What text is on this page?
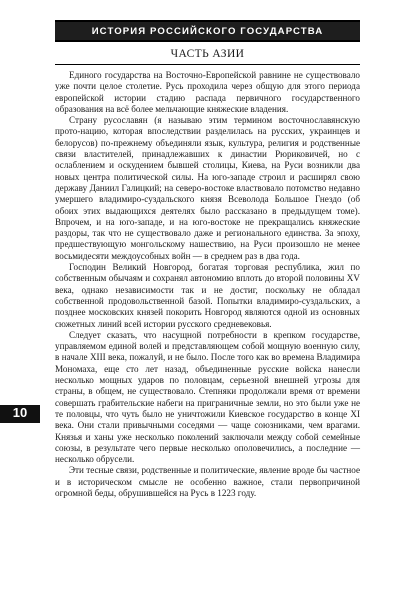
ИСТОРИЯ РОССИЙСКОГО ГОСУДАРСТВА
ЧАСТЬ АЗИИ

Единого государства на Восточно-Европейской равнине не существовало уже почти целое столетие. Русь проходила через общую для этого периода европейской истории стадию распада первичного государственного образования на всё более мельчающие княжеские владения.

Страну русославян (я называю этим термином восточнославянскую прото-нацию, которая впоследствии разделилась на русских, украинцев и белорусов) по-прежнему объединяли язык, культура, религия и родственные связи властителей, принадлежавших к династии Рюриковичей, но с ослаблением и оскудением бывшей столицы, Киева, на Руси возникли два новых центра политической силы. На юго-западе строил и расширял свою державу Даниил Галицкий; на северо-востоке властвовало потомство недавно умершего владимиро-суздальского князя Всеволода Большое Гнездо (об обоих этих выдающихся деятелях было рассказано в предыдущем томе). Впрочем, и на юго-западе, и на юго-востоке не прекращались княжеские раздоры, так что не существовало даже и регионального единства. За эпоху, предшествующую монгольскому нашествию, на Руси произошло не менее восьмидесяти междоусобных войн — в среднем раз в два года.

Господин Великий Новгород, богатая торговая республика, жил по собственным обычаям и сохранял автономию вплоть до второй половины XV века, однако независимости так и не достиг, поскольку не обладал собственной продовольственной базой. Попытки владимиро-суздальских, а позднее московских князей покорить Новгород являются одной из основных сюжетных линий всей истории русского средневековья.

Следует сказать, что насущной потребности в крепком государстве, управляемом единой волей и представляющем собой мощную военную силу, в начале XIII века, пожалуй, и не было. После того как во времена Владимира Мономаха, еще сто лет назад, объединенные русские войска нанесли несколько мощных ударов по половцам, серьезной внешней угрозы для страны, в общем, не существовало. Степняки продолжали время от времени совершать грабительские набеги на приграничные земли, но это были уже не те половцы, что чуть было не уничтожили Киевское государство в конце XI века. Они стали привычными соседями — чаще союзниками, чем врагами. Князья и ханы уже несколько поколений заключали между собой семейные союзы, в результате чего первые несколько ополовечились, а последние — несколько обрусели.

Эти тесные связи, родственные и политические, явление вроде бы частное и в историческом смысле не особенно важное, стали первопричиной огромной беды, обрушившейся на Русь в 1223 году.

10
